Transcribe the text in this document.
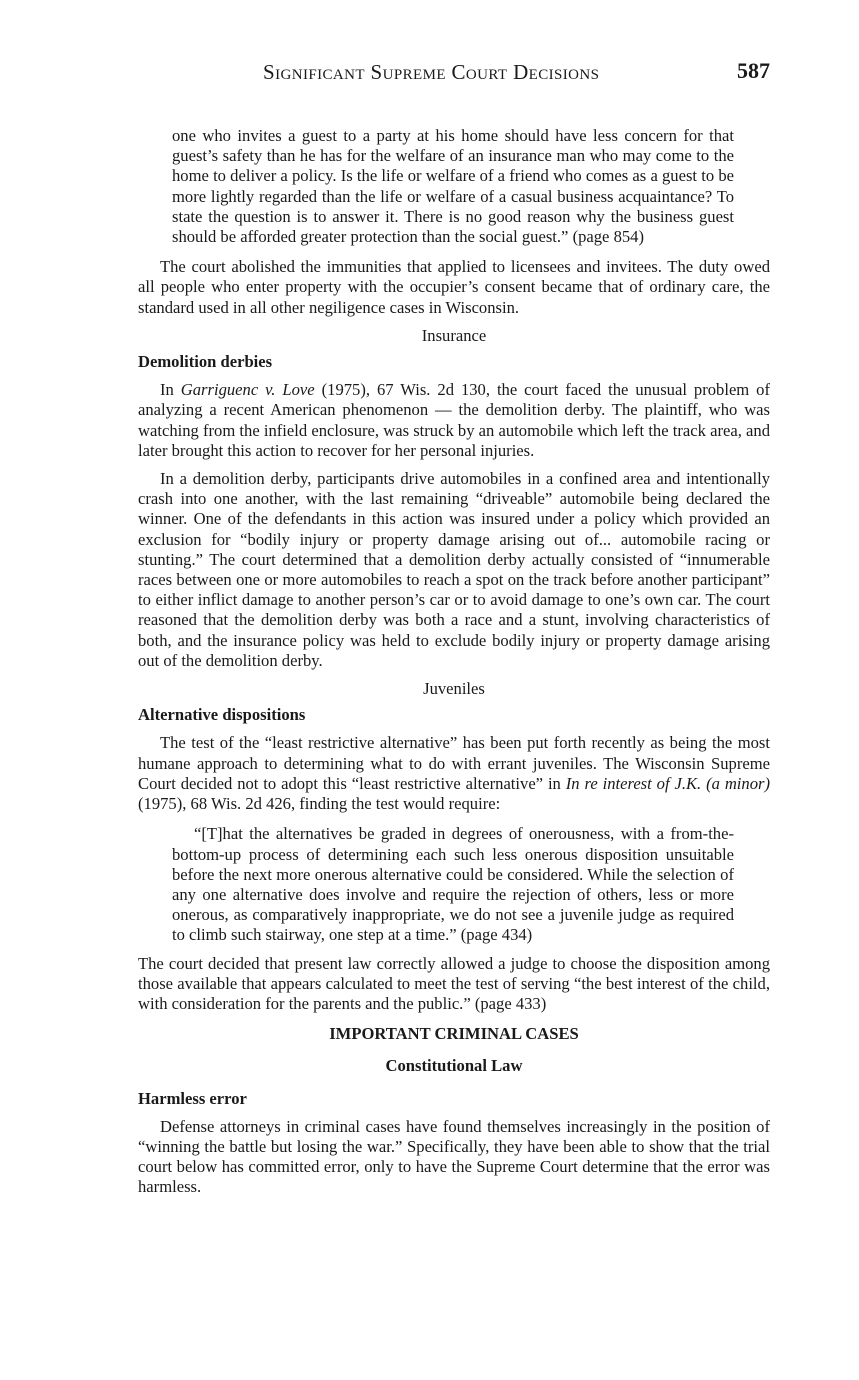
Significant Supreme Court Decisions	587

one who invites a guest to a party at his home should have less concern for that guest’s safety than he has for the welfare of an insurance man who may come to the home to deliver a policy. Is the life or welfare of a friend who comes as a guest to be more lightly regarded than the life or welfare of a casual business acquaintance? To state the question is to answer it. There is no good reason why the business guest should be afforded greater protection than the social guest.” (page 854)

The court abolished the immunities that applied to licensees and invitees. The duty owed all people who enter property with the occupier’s consent became that of ordinary care, the standard used in all other negiligence cases in Wisconsin.

Insurance

Demolition derbies

In Garriguenc v. Love (1975), 67 Wis. 2d 130, the court faced the unusual problem of analyzing a recent American phenomenon — the demolition derby. The plaintiff, who was watching from the infield enclosure, was struck by an automobile which left the track area, and later brought this action to recover for her personal injuries.

In a demolition derby, participants drive automobiles in a confined area and intentionally crash into one another, with the last remaining “driveable” automobile being declared the winner. One of the defendants in this action was insured under a policy which provided an exclusion for “bodily injury or property damage arising out of... automobile racing or stunting.” The court determined that a demolition derby actually consisted of “innumerable races between one or more automobiles to reach a spot on the track before another participant” to either inflict damage to another person’s car or to avoid damage to one’s own car. The court reasoned that the demolition derby was both a race and a stunt, involving characteristics of both, and the insurance policy was held to exclude bodily injury or property damage arising out of the demolition derby.

Juveniles

Alternative dispositions

The test of the “least restrictive alternative” has been put forth recently as being the most humane approach to determining what to do with errant juveniles. The Wisconsin Supreme Court decided not to adopt this “least restrictive alternative” in In re interest of J.K. (a minor) (1975), 68 Wis. 2d 426, finding the test would require:

“[T]hat the alternatives be graded in degrees of onerousness, with a from-the-bottom-up process of determining each such less onerous disposition unsuitable before the next more onerous alternative could be considered. While the selection of any one alternative does involve and require the rejection of others, less or more onerous, as comparatively inappropriate, we do not see a juvenile judge as required to climb such stairway, one step at a time.” (page 434)

The court decided that present law correctly allowed a judge to choose the disposition among those available that appears calculated to meet the test of serving “the best interest of the child, with consideration for the parents and the public.” (page 433)

IMPORTANT CRIMINAL CASES

Constitutional Law

Harmless error

Defense attorneys in criminal cases have found themselves increasingly in the position of “winning the battle but losing the war.” Specifically, they have been able to show that the trial court below has committed error, only to have the Supreme Court determine that the error was harmless.
